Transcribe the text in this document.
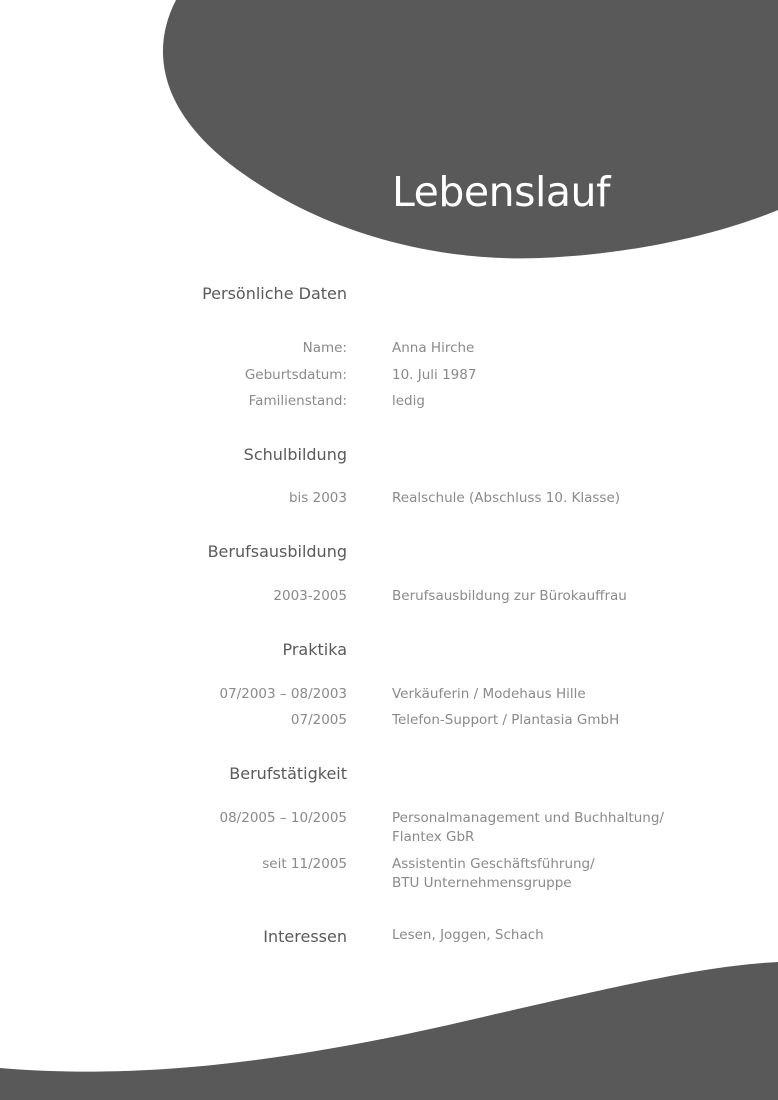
Lebenslauf
Persönliche Daten
Name:	Anna Hirche
Geburtsdatum:	10. Juli 1987
Familienstand:	ledig
Schulbildung
bis 2003	Realschule (Abschluss 10. Klasse)
Berufsausbildung
2003-2005	Berufsausbildung zur Bürokauffrau
Praktika
07/2003 – 08/2003	Verkäuferin / Modehaus Hille
07/2005	Telefon-Support / Plantasia GmbH
Berufstätigkeit
08/2005 – 10/2005	Personalmanagement und Buchhaltung/
Flantex GbR
seit 11/2005	Assistentin Geschäftsführung/
BTU Unternehmensgruppe
Interessen	Lesen, Joggen, Schach
